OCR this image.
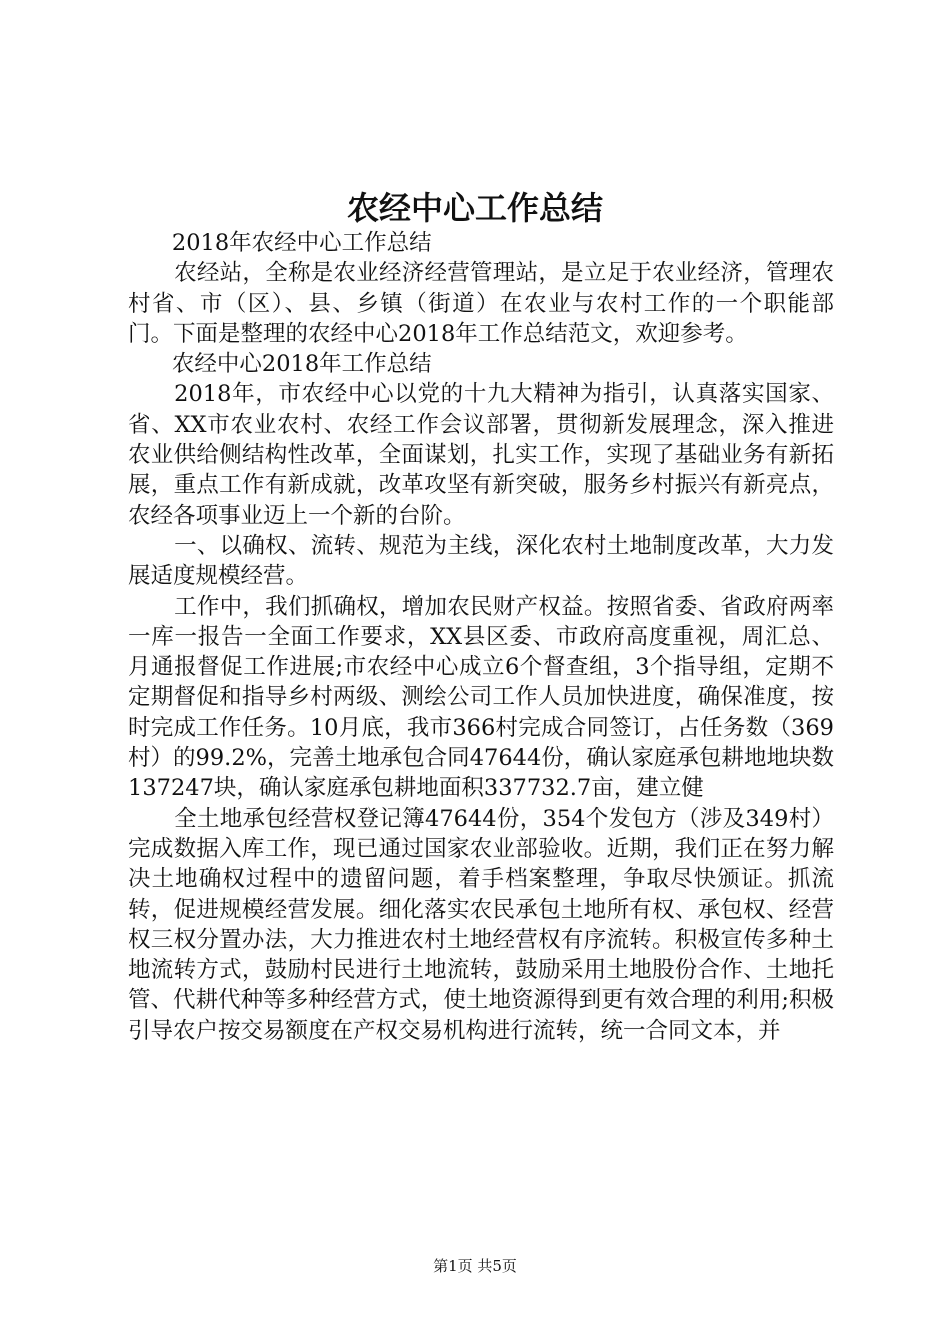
农经中心工作总结

2018年农经中心工作总结

农经站，全称是农业经济经营管理站，是立足于农业经济，管理农村省、市（区）、县、乡镇（街道）在农业与农村工作的一个职能部门。下面是整理的农经中心2018年工作总结范文，欢迎参考。

农经中心2018年工作总结

2018年，市农经中心以党的十九大精神为指引，认真落实国家、省、XX市农业农村、农经工作会议部署，贯彻新发展理念，深入推进农业供给侧结构性改革，全面谋划，扎实工作，实现了基础业务有新拓展，重点工作有新成就，改革攻坚有新突破，服务乡村振兴有新亮点，农经各项事业迈上一个新的台阶。

一、以确权、流转、规范为主线，深化农村土地制度改革，大力发展适度规模经营。

工作中，我们抓确权，增加农民财产权益。按照省委、省政府两率一库一报告一全面工作要求，XX县区委、市政府高度重视，周汇总、月通报督促工作进展;市农经中心成立6个督查组，3个指导组，定期不定期督促和指导乡村两级、测绘公司工作人员加快进度，确保准度，按时完成工作任务。10月底，我市366村完成合同签订，占任务数（369村）的99.2%，完善土地承包合同47644份，确认家庭承包耕地地块数137247块，确认家庭承包耕地面积337732.7亩，建立健

全土地承包经营权登记簿47644份，354个发包方（涉及349村）完成数据入库工作，现已通过国家农业部验收。近期，我们正在努力解决土地确权过程中的遗留问题，着手档案整理，争取尽快颁证。抓流转，促进规模经营发展。细化落实农民承包土地所有权、承包权、经营权三权分置办法，大力推进农村土地经营权有序流转。积极宣传多种土地流转方式，鼓励村民进行土地流转，鼓励采用土地股份合作、土地托管、代耕代种等多种经营方式，使土地资源得到更有效合理的利用;积极引导农户按交易额度在产权交易机构进行流转，统一合同文本，并

第1页 共5页
